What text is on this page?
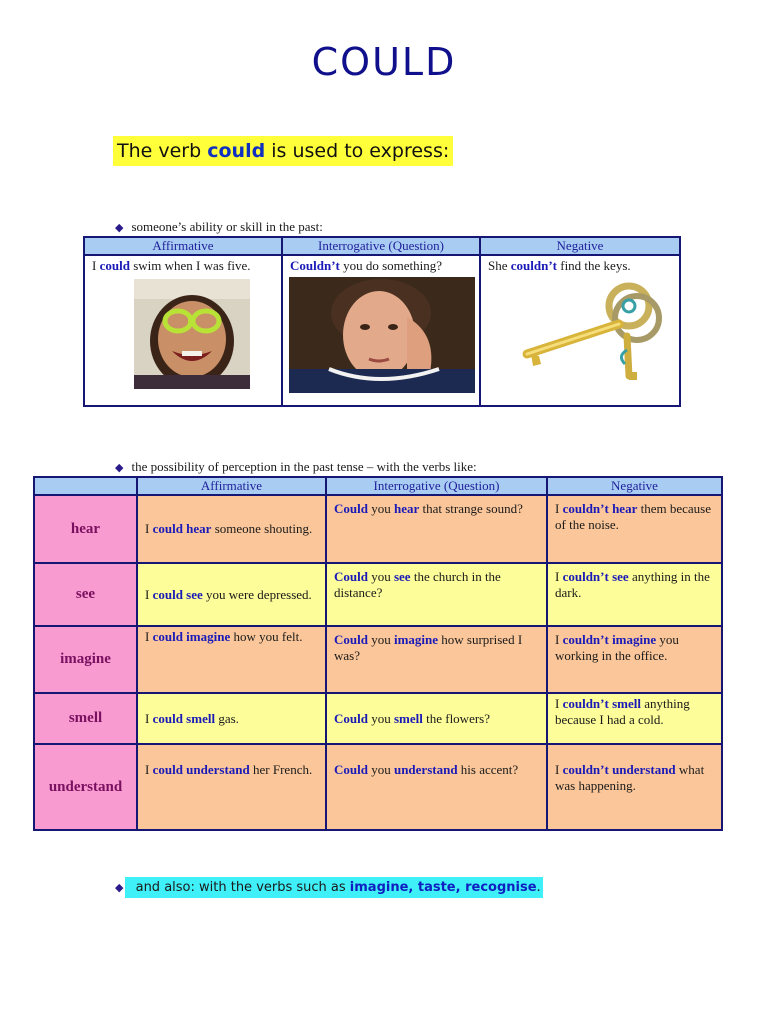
COULD
The verb could is used to express:
◆ someone’s ability or skill in the past:
Affirmative	Interrogative (Question)	Negative

I could swim when I was five.	Couldn’t you do something?	She couldn’t find the keys.
◆ the possibility of perception in the past tense – with the verbs like:
	Affirmative	Interrogative (Question)	Negative
hear	I could hear someone shouting.	Could you hear that strange sound?	I couldn’t hear them because of the noise.

see	I could see you were depressed.	Could you see the church in the distance?	I couldn’t see anything in the dark.

imagine	I could imagine how you felt.	Could you imagine how surprised I was?	I couldn’t imagine you working in the office.

smell	I could smell gas.	Could you smell the flowers?	I couldn’t smell anything because I had a cold.

understand	I could understand her French.	Could you understand his accent?	I couldn’t understand what was happening.
◆ and also: with the verbs such as imagine, taste, recognise.
